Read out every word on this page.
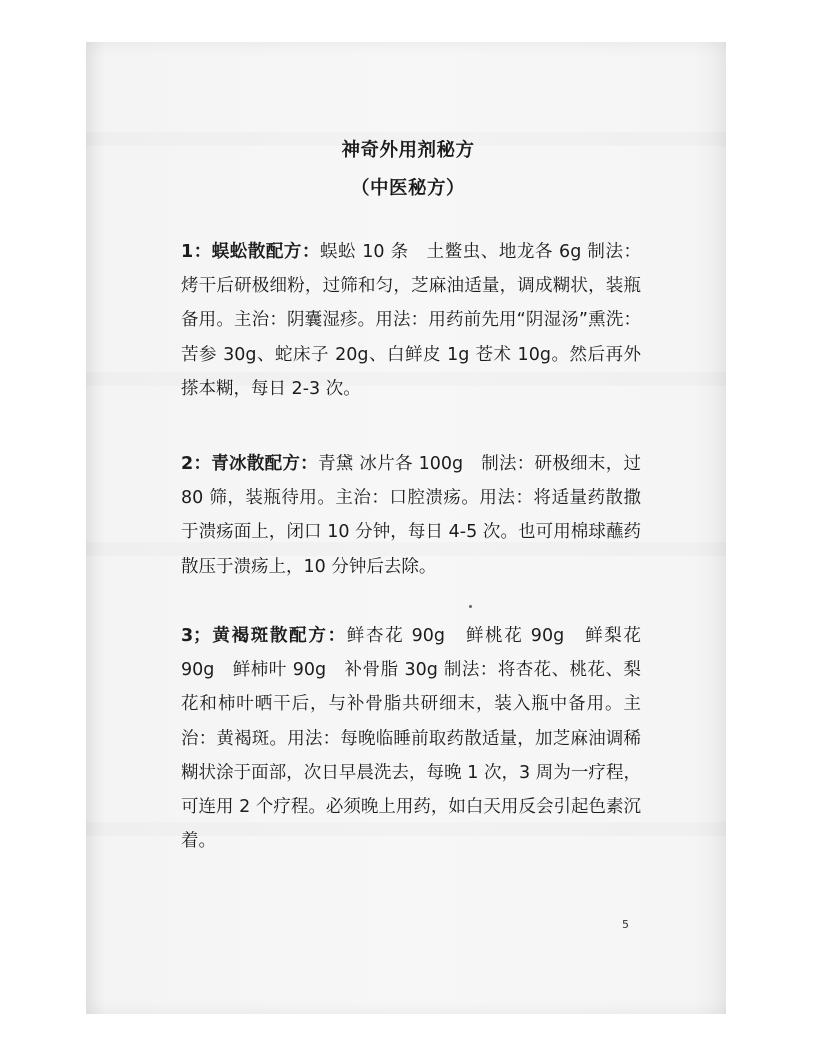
神奇外用剂秘方
（中医秘方）
1：蜈蚣散配方：蜈蚣 10 条　土鳖虫、地龙各 6g 制法：烤干后研极细粉，过筛和匀，芝麻油适量，调成糊状，装瓶备用。主治：阴囊湿疹。用法：用药前先用“阴湿汤”熏洗：苦参 30g、蛇床子 20g、白鲜皮 1g 苍术 10g。然后再外搽本糊，每日 2-3 次。
2：青冰散配方：青黛 冰片各 100g　制法：研极细末，过 80 筛，装瓶待用。主治：口腔溃疡。用法：将适量药散撒于溃疡面上，闭口 10 分钟，每日 4-5 次。也可用棉球蘸药散压于溃疡上，10 分钟后去除。
3；黄褐斑散配方：鲜杏花 90g　鲜桃花 90g　鲜梨花 90g　鲜柿叶 90g　补骨脂 30g 制法：将杏花、桃花、梨花和柿叶晒干后，与补骨脂共研细末，装入瓶中备用。主治：黄褐斑。用法：每晚临睡前取药散适量，加芝麻油调稀糊状涂于面部，次日早晨洗去，每晚 1 次，3 周为一疗程，可连用 2 个疗程。必须晚上用药，如白天用反会引起色素沉着。
5
